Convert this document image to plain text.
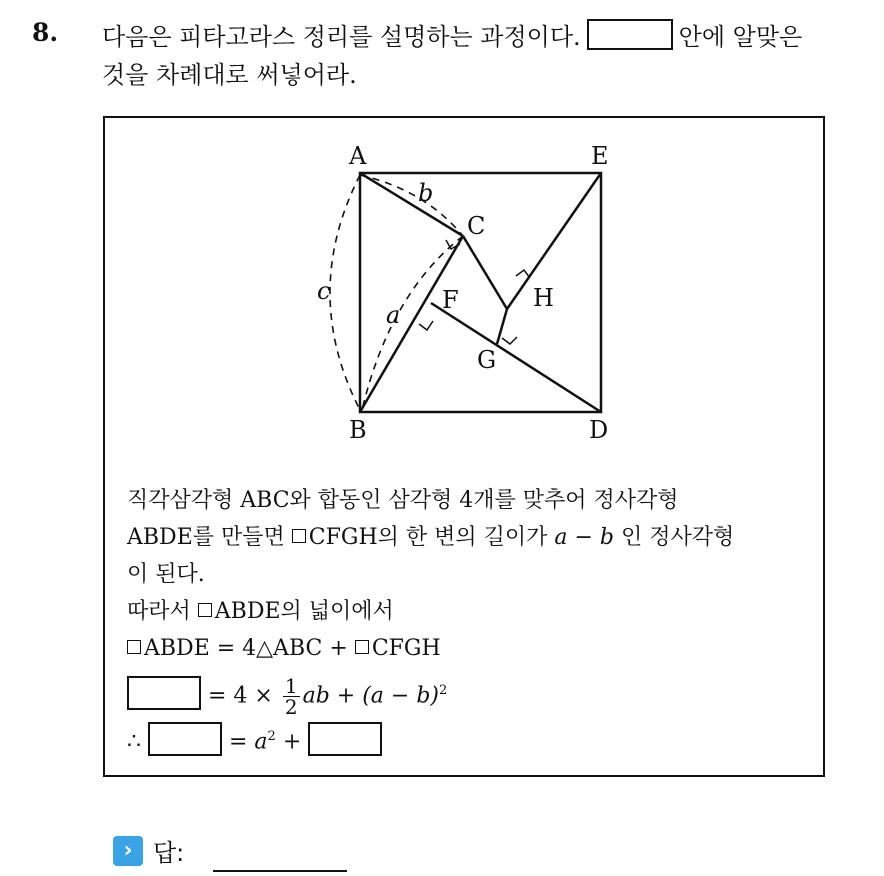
8. 다음은 피타고라스 정리를 설명하는 과정이다.	안에 알맞은
것을 차례대로 써넣어라.
A	E
B	D
C
H
F
G
b
c
a
직각삼각형 ABC와 합동인 삼각형 4개를 맞추어 정사각형
ABDE를 만들면 CFGH의 한 변의 길이가 a − b 인 정사각형
이 된다.
따라서 ABDE의 넓이에서
ABDE = 4△ABC + CFGH
= $4 \times \frac{1}{2}$ ab + $(a - b)^2$
∴	= $a^2$ +
› 답:
